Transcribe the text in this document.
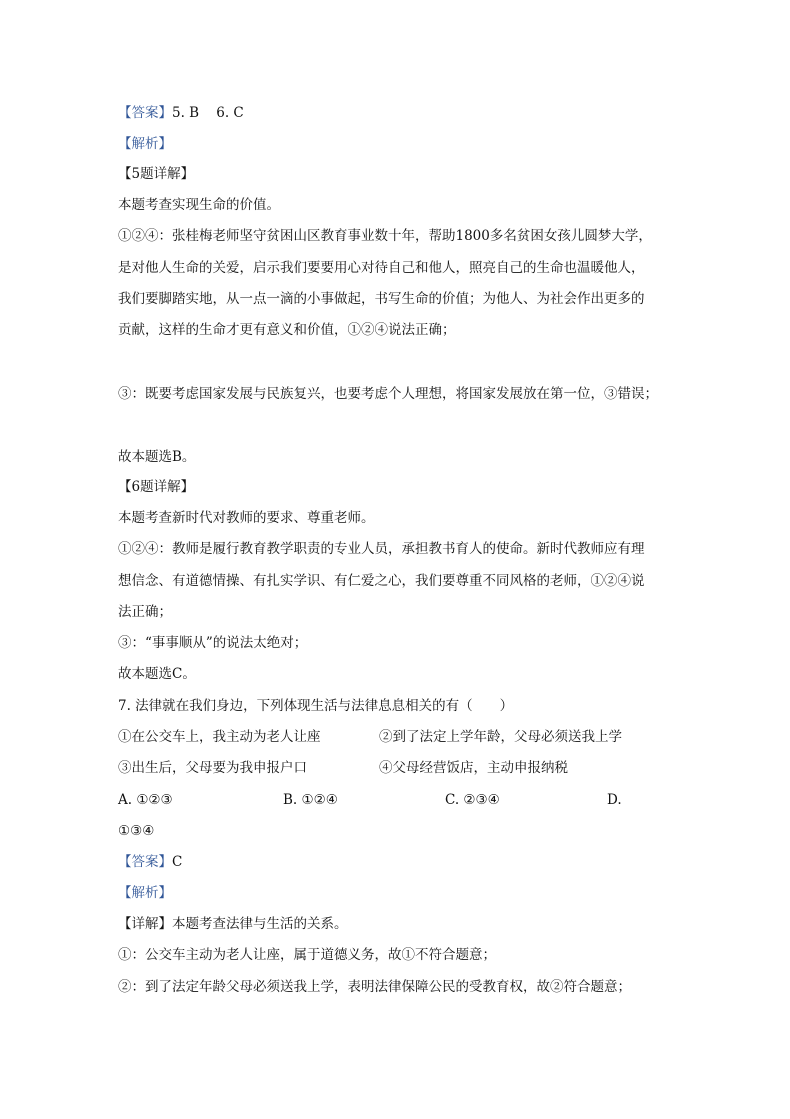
【答案】5. B    6. C
【解析】
【5题详解】
本题考查实现生命的价值。
①②④：张桂梅老师坚守贫困山区教育事业数十年，帮助1800多名贫困女孩儿圆梦大学，
是对他人生命的关爱，启示我们要要用心对待自己和他人，照亮自己的生命也温暖他人，
我们要脚踏实地，从一点一滴的小事做起，书写生命的价值；为他人、为社会作出更多的
贡献，这样的生命才更有意义和价值，①②④说法正确；
③：既要考虑国家发展与民族复兴，也要考虑个人理想，将国家发展放在第一位，③错误；
故本题选B。
【6题详解】
本题考查新时代对教师的要求、尊重老师。
①②④：教师是履行教育教学职责的专业人员，承担教书育人的使命。新时代教师应有理
想信念、有道德情操、有扎实学识、有仁爱之心，我们要尊重不同风格的老师，①②④说
法正确；
③：“事事顺从”的说法太绝对；
故本题选C。
7. 法律就在我们身边，下列体现生活与法律息息相关的有（　　）
①在公交车上，我主动为老人让座	②到了法定上学年龄，父母必须送我上学
③出生后，父母要为我申报户口	④父母经营饭店，主动申报纳税
A. ①②③	B. ①②④	C. ②③④	D.
①③④
【答案】C
【解析】
【详解】本题考查法律与生活的关系。
①：公交车主动为老人让座，属于道德义务，故①不符合题意；
②：到了法定年龄父母必须送我上学，表明法律保障公民的受教育权，故②符合题意；
